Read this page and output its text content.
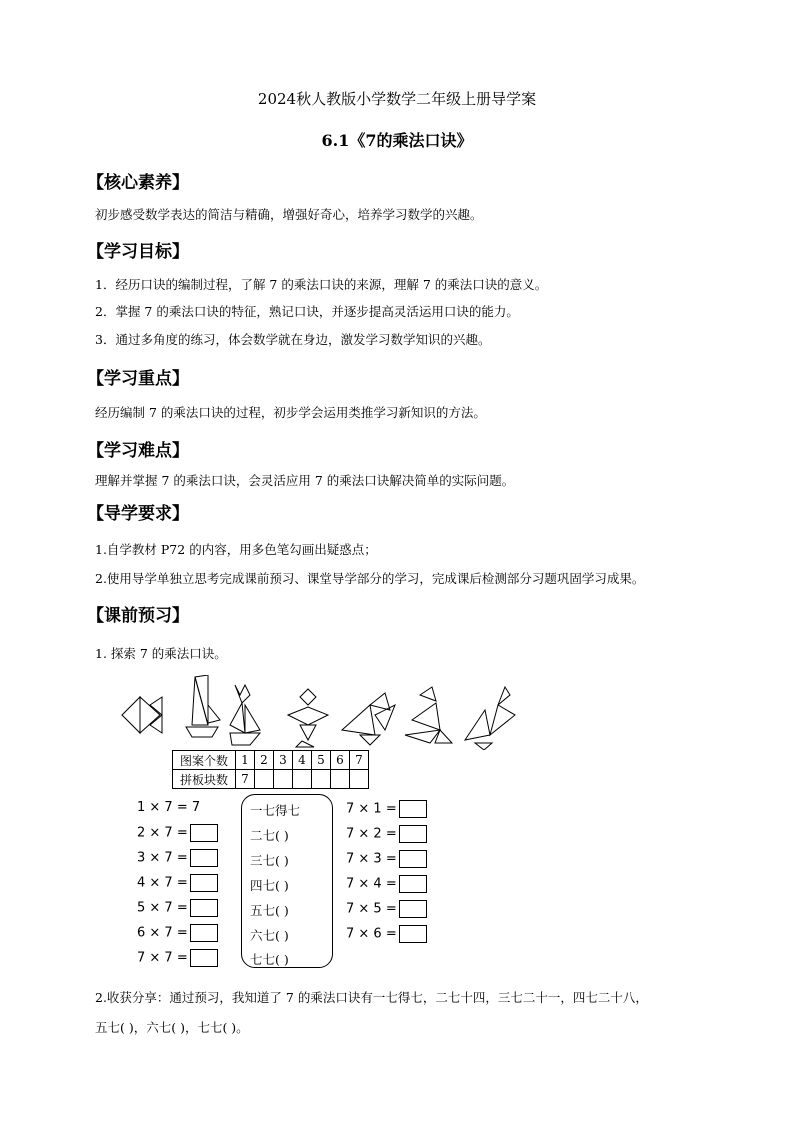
2024秋人教版小学数学二年级上册导学案
6.1《7的乘法口诀》
【核心素养】
初步感受数学表达的简洁与精确，增强好奇心，培养学习数学的兴趣。
【学习目标】
1．经历口诀的编制过程，了解 7 的乘法口诀的来源，理解 7 的乘法口诀的意义。
2．掌握 7 的乘法口诀的特征，熟记口诀，并逐步提高灵活运用口诀的能力。
3．通过多角度的练习，体会数学就在身边，激发学习数学知识的兴趣。
【学习重点】
经历编制 7 的乘法口诀的过程，初步学会运用类推学习新知识的方法。
【学习难点】
理解并掌握 7 的乘法口诀，会灵活应用 7 的乘法口诀解决简单的实际问题。
【导学要求】
1.自学教材 P72 的内容，用多色笔勾画出疑惑点；
2.使用导学单独立思考完成课前预习、课堂导学部分的学习，完成课后检测部分习题巩固学习成果。
【课前预习】
1. 探索 7 的乘法口诀。
图案个数	1	2	3	4	5	6	7
拼板块数	7						
1 × 7 = 7
2 × 7 =
3 × 7 =
4 × 7 =
5 × 7 =
6 × 7 =
7 × 7 =
一七得七
二七( )
三七( )
四七( )
五七( )
六七( )
七七( )
7 × 1 =
7 × 2 =
7 × 3 =
7 × 4 =
7 × 5 =
7 × 6 =
2.收获分享：通过预习，我知道了 7 的乘法口诀有一七得七，二七十四，三七二十一，四七二十八，
五七( )，六七( )，七七( )。
